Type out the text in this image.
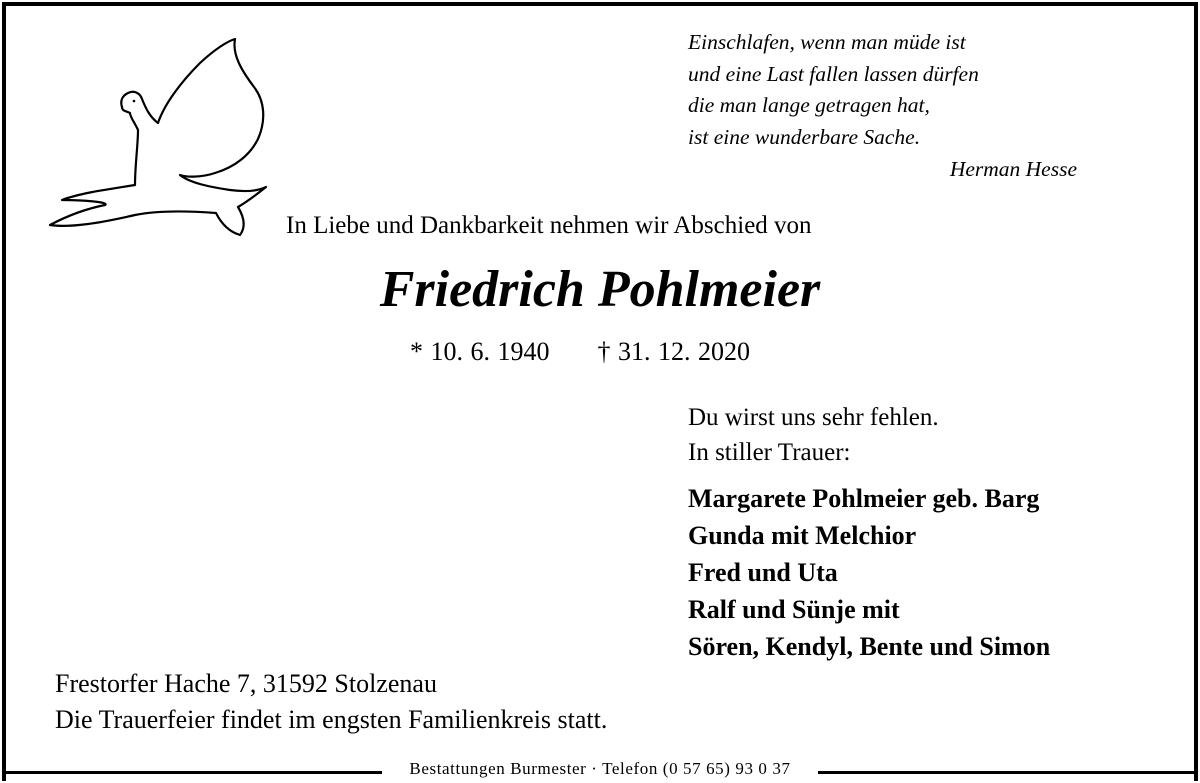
Einschlafen, wenn man müde ist
und eine Last fallen lassen dürfen
die man lange getragen hat,
ist eine wunderbare Sache.
Herman Hesse
In Liebe und Dankbarkeit nehmen wir Abschied von
Friedrich Pohlmeier
* 10. 6. 1940 † 31. 12. 2020
Du wirst uns sehr fehlen.
In stiller Trauer:
Margarete Pohlmeier geb. Barg
Gunda mit Melchior
Fred und Uta
Ralf und Sünje mit
Sören, Kendyl, Bente und Simon
Frestorfer Hache 7, 31592 Stolzenau
Die Trauerfeier findet im engsten Familienkreis statt.
Bestattungen Burmester · Telefon (0 57 65) 93 0 37
